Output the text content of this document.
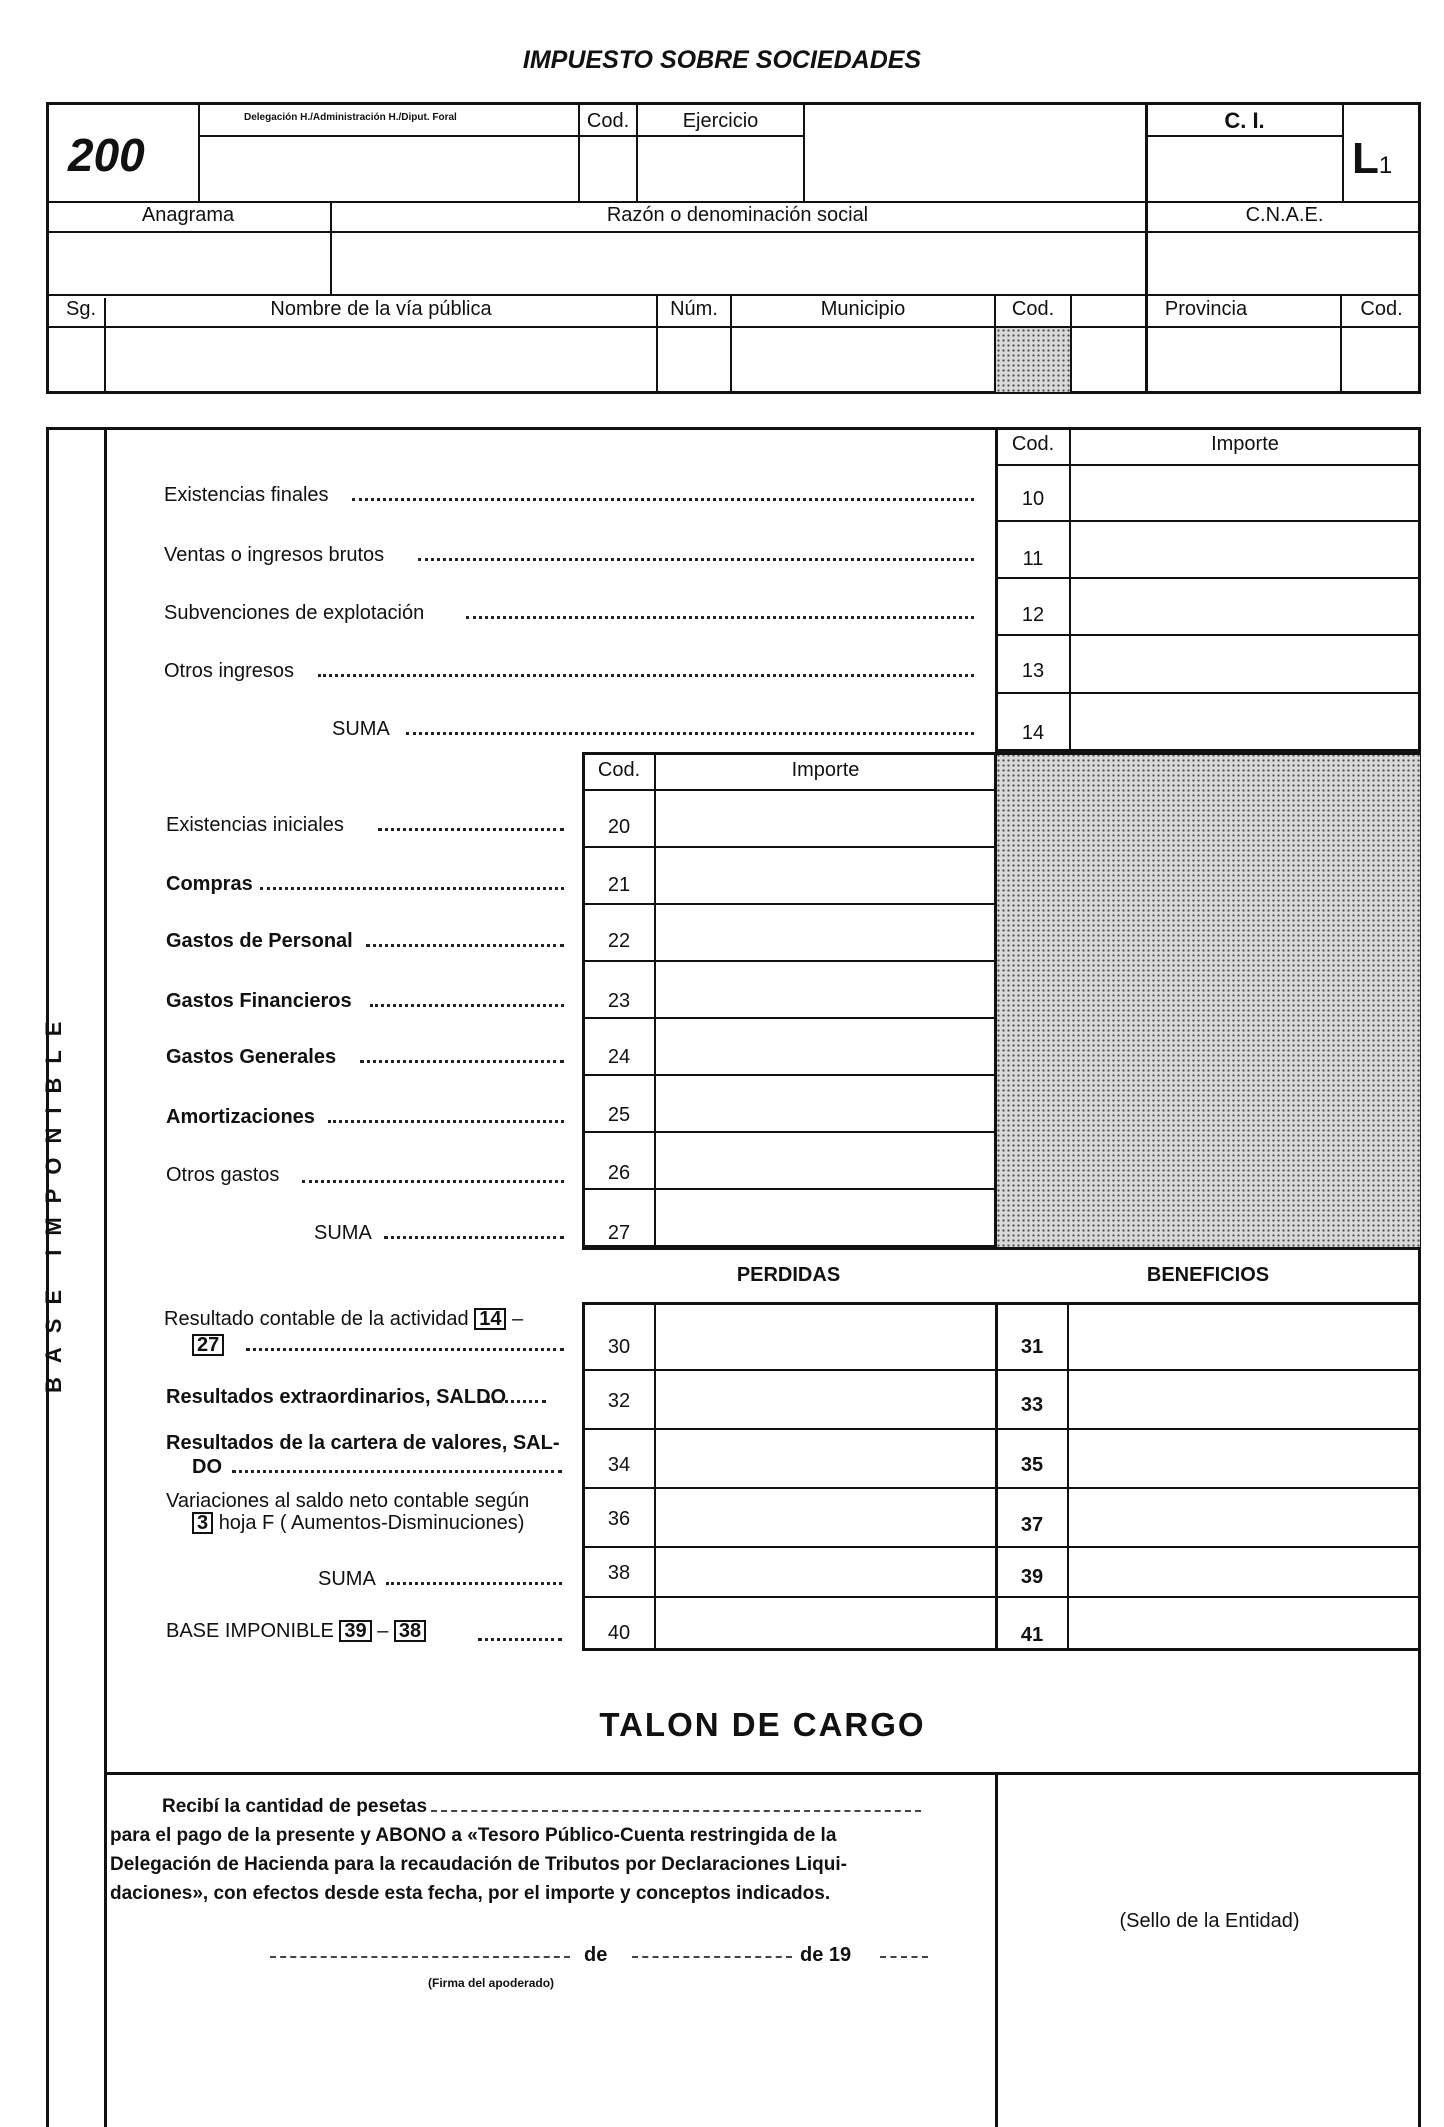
IMPUESTO SOBRE SOCIEDADES
200
Delegación H./Administración H./Diput. Foral	Cod.	Ejercicio	C. I.
L1
Anagrama	Razón o denominación social	C.N.A.E.
Sg.	Nombre de la vía pública	Núm.	Municipio	Cod.	Provincia	Cod.
BASE IMPONIBLE
Cod.	Importe
Existencias finales	10
Ventas o ingresos brutos	11
Subvenciones de explotación	12
Otros ingresos	13
SUMA	14
Cod.	Importe
Existencias iniciales	20
Compras	21
Gastos de Personal	22
Gastos Financieros	23
Gastos Generales	24
Amortizaciones	25
Otros gastos	26
SUMA	27
PERDIDAS	BENEFICIOS
Resultado contable de la actividad 14 –
27	30	31
Resultados extraordinarios, SALDO	32	33
Resultados de la cartera de valores, SAL-
DO	34	35
Variaciones al saldo neto contable según
3 hoja F ( Aumentos-Disminuciones)	36	37
SUMA	38	39
BASE IMPONIBLE 39 – 38	40	41
TALON DE CARGO
Recibí la cantidad de pesetas
para el pago de la presente y ABONO a «Tesoro Público-Cuenta restringida de la
Delegación de Hacienda para la recaudación de Tributos por Declaraciones Liqui-
daciones», con efectos desde esta fecha, por el importe y conceptos indicados.
de	de 19
(Firma del apoderado)
(Sello de la Entidad)
